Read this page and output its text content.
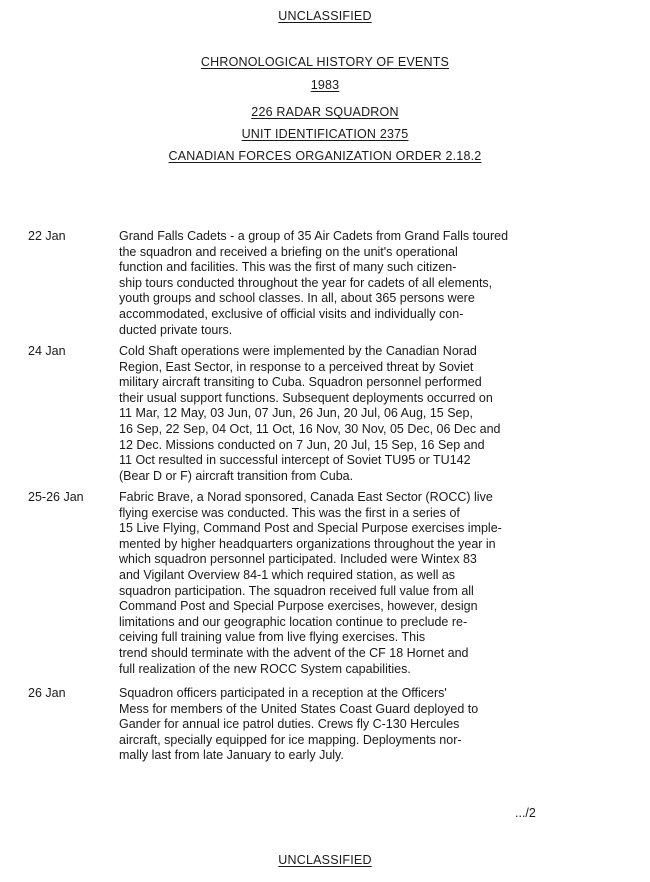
UNCLASSIFIED
CHRONOLOGICAL HISTORY OF EVENTS
1983
226 RADAR SQUADRON
UNIT IDENTIFICATION 2375
CANADIAN FORCES ORGANIZATION ORDER 2.18.2
22 Jan	Grand Falls Cadets - a group of 35 Air Cadets from Grand Falls toured
the squadron and received a briefing on the unit's operational
function and facilities. This was the first of many such citizen-
ship tours conducted throughout the year for cadets of all elements,
youth groups and school classes. In all, about 365 persons were
accommodated, exclusive of official visits and individually con-
ducted private tours.
24 Jan	Cold Shaft operations were implemented by the Canadian Norad
Region, East Sector, in response to a perceived threat by Soviet
military aircraft transiting to Cuba. Squadron personnel performed
their usual support functions. Subsequent deployments occurred on
11 Mar, 12 May, 03 Jun, 07 Jun, 26 Jun, 20 Jul, 06 Aug, 15 Sep,
16 Sep, 22 Sep, 04 Oct, 11 Oct, 16 Nov, 30 Nov, 05 Dec, 06 Dec and
12 Dec. Missions conducted on 7 Jun, 20 Jul, 15 Sep, 16 Sep and
11 Oct resulted in successful intercept of Soviet TU95 or TU142
(Bear D or F) aircraft transition from Cuba.
25-26 Jan	Fabric Brave, a Norad sponsored, Canada East Sector (ROCC) live
flying exercise was conducted. This was the first in a series of
15 Live Flying, Command Post and Special Purpose exercises imple-
mented by higher headquarters organizations throughout the year in
which squadron personnel participated. Included were Wintex 83
and Vigilant Overview 84-1 which required station, as well as
squadron participation. The squadron received full value from all
Command Post and Special Purpose exercises, however, design
limitations and our geographic location continue to preclude re-
ceiving full training value from live flying exercises. This
trend should terminate with the advent of the CF 18 Hornet and
full realization of the new ROCC System capabilities.
26 Jan	Squadron officers participated in a reception at the Officers'
Mess for members of the United States Coast Guard deployed to
Gander for annual ice patrol duties. Crews fly C-130 Hercules
aircraft, specially equipped for ice mapping. Deployments nor-
mally last from late January to early July.
.../2
UNCLASSIFIED
